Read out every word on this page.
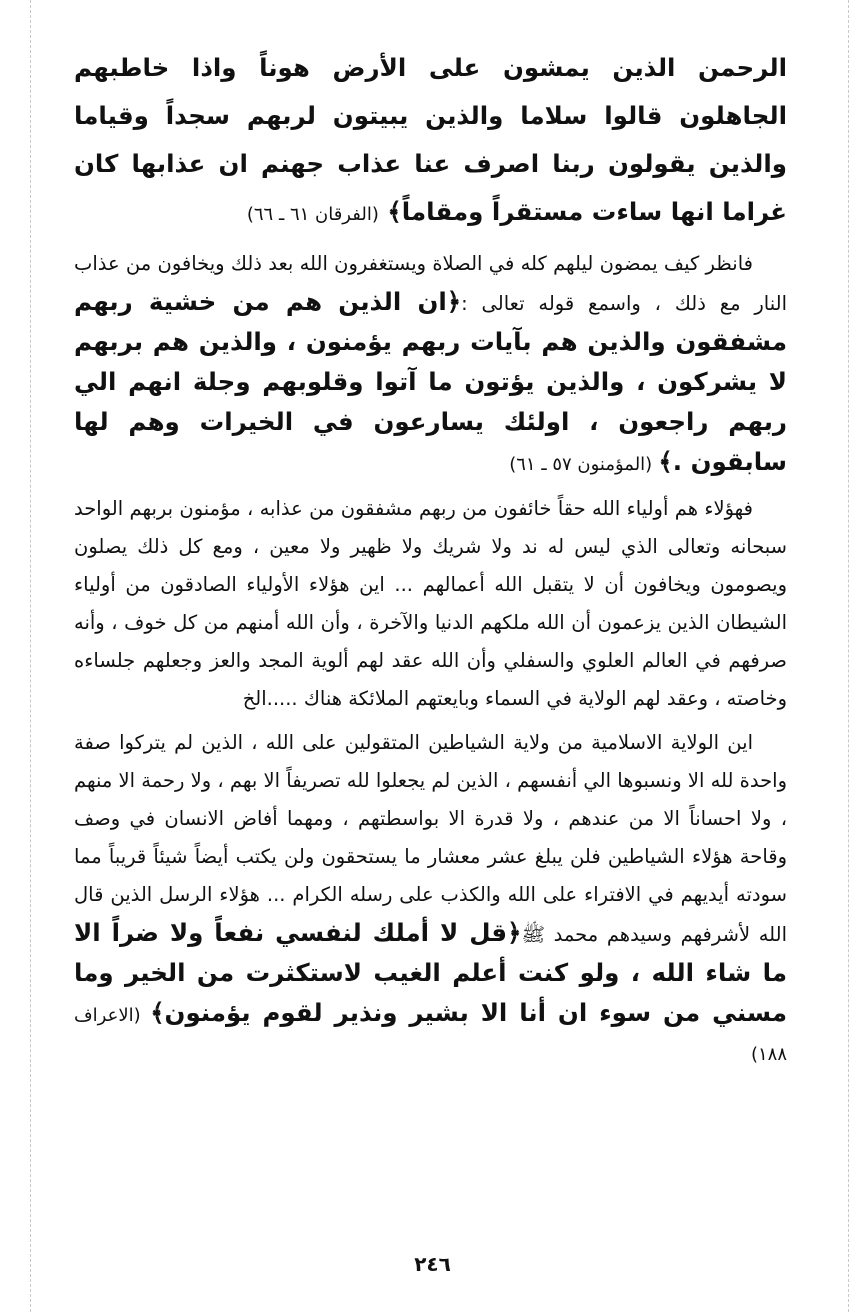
الرحمن الذين يمشون على الأرض هوناً واذا خاطبهم الجاهلون قالوا سلاما والذين يبيتون لربهم سجداً وقياما والذين يقولون ربنا اصرف عنا عذاب جهنم ان عذابها كان غراما انها ساءت مستقراً ومقاماً﴾ (الفرقان ٦١ ـ ٦٦)

فانظر كيف يمضون ليلهم كله في الصلاة ويستغفرون الله بعد ذلك ويخافون من عذاب النار مع ذلك ، واسمع قوله تعالى :﴿ان الذين هم من خشية ربهم مشفقون والذين هم بآيات ربهم يؤمنون ، والذين هم بربهم لا يشركون ، والذين يؤتون ما آتوا وقلوبهم وجلة انهم الي ربهم راجعون ، اولئك يسارعون في الخيرات وهم لها سابقون .﴾ (المؤمنون ٥٧ ـ ٦١)

فهؤلاء هم أولياء الله حقاً خائفون من ربهم مشفقون من عذابه ، مؤمنون بربهم الواحد سبحانه وتعالى الذي ليس له ند ولا شريك ولا ظهير ولا معين ، ومع كل ذلك يصلون ويصومون ويخافون أن لا يتقبل الله أعمالهم ... اين هؤلاء الأولياء الصادقون من أولياء الشيطان الذين يزعمون أن الله ملكهم الدنيا والآخرة ، وأن الله أمنهم من كل خوف ، وأنه صرفهم في العالم العلوي والسفلي وأن الله عقد لهم ألوية المجد والعز وجعلهم جلساءه وخاصته ، وعقد لهم الولاية في السماء وبايعتهم الملائكة هناك .....الخ

اين الولاية الاسلامية من ولاية الشياطين المتقولين على الله ، الذين لم يتركوا صفة واحدة لله الا ونسبوها الي أنفسهم ، الذين لم يجعلوا لله تصريفاً الا بهم ، ولا رحمة الا منهم ، ولا احساناً الا من عندهم ، ولا قدرة الا بواسطتهم ، ومهما أفاض الانسان في وصف وقاحة هؤلاء الشياطين فلن يبلغ عشر معشار ما يستحقون ولن يكتب أيضاً شيئاً قريباً مما سودته أيديهم في الافتراء على الله والكذب على رسله الكرام ... هؤلاء الرسل الذين قال الله لأشرفهم وسيدهم محمد ﷺ﴿قل لا أملك لنفسي نفعاً ولا ضراً الا ما شاء الله ، ولو كنت أعلم الغيب لاستكثرت من الخير وما مسني من سوء ان أنا الا بشير ونذير لقوم يؤمنون﴾ (الاعراف ١٨٨)

٢٤٦
